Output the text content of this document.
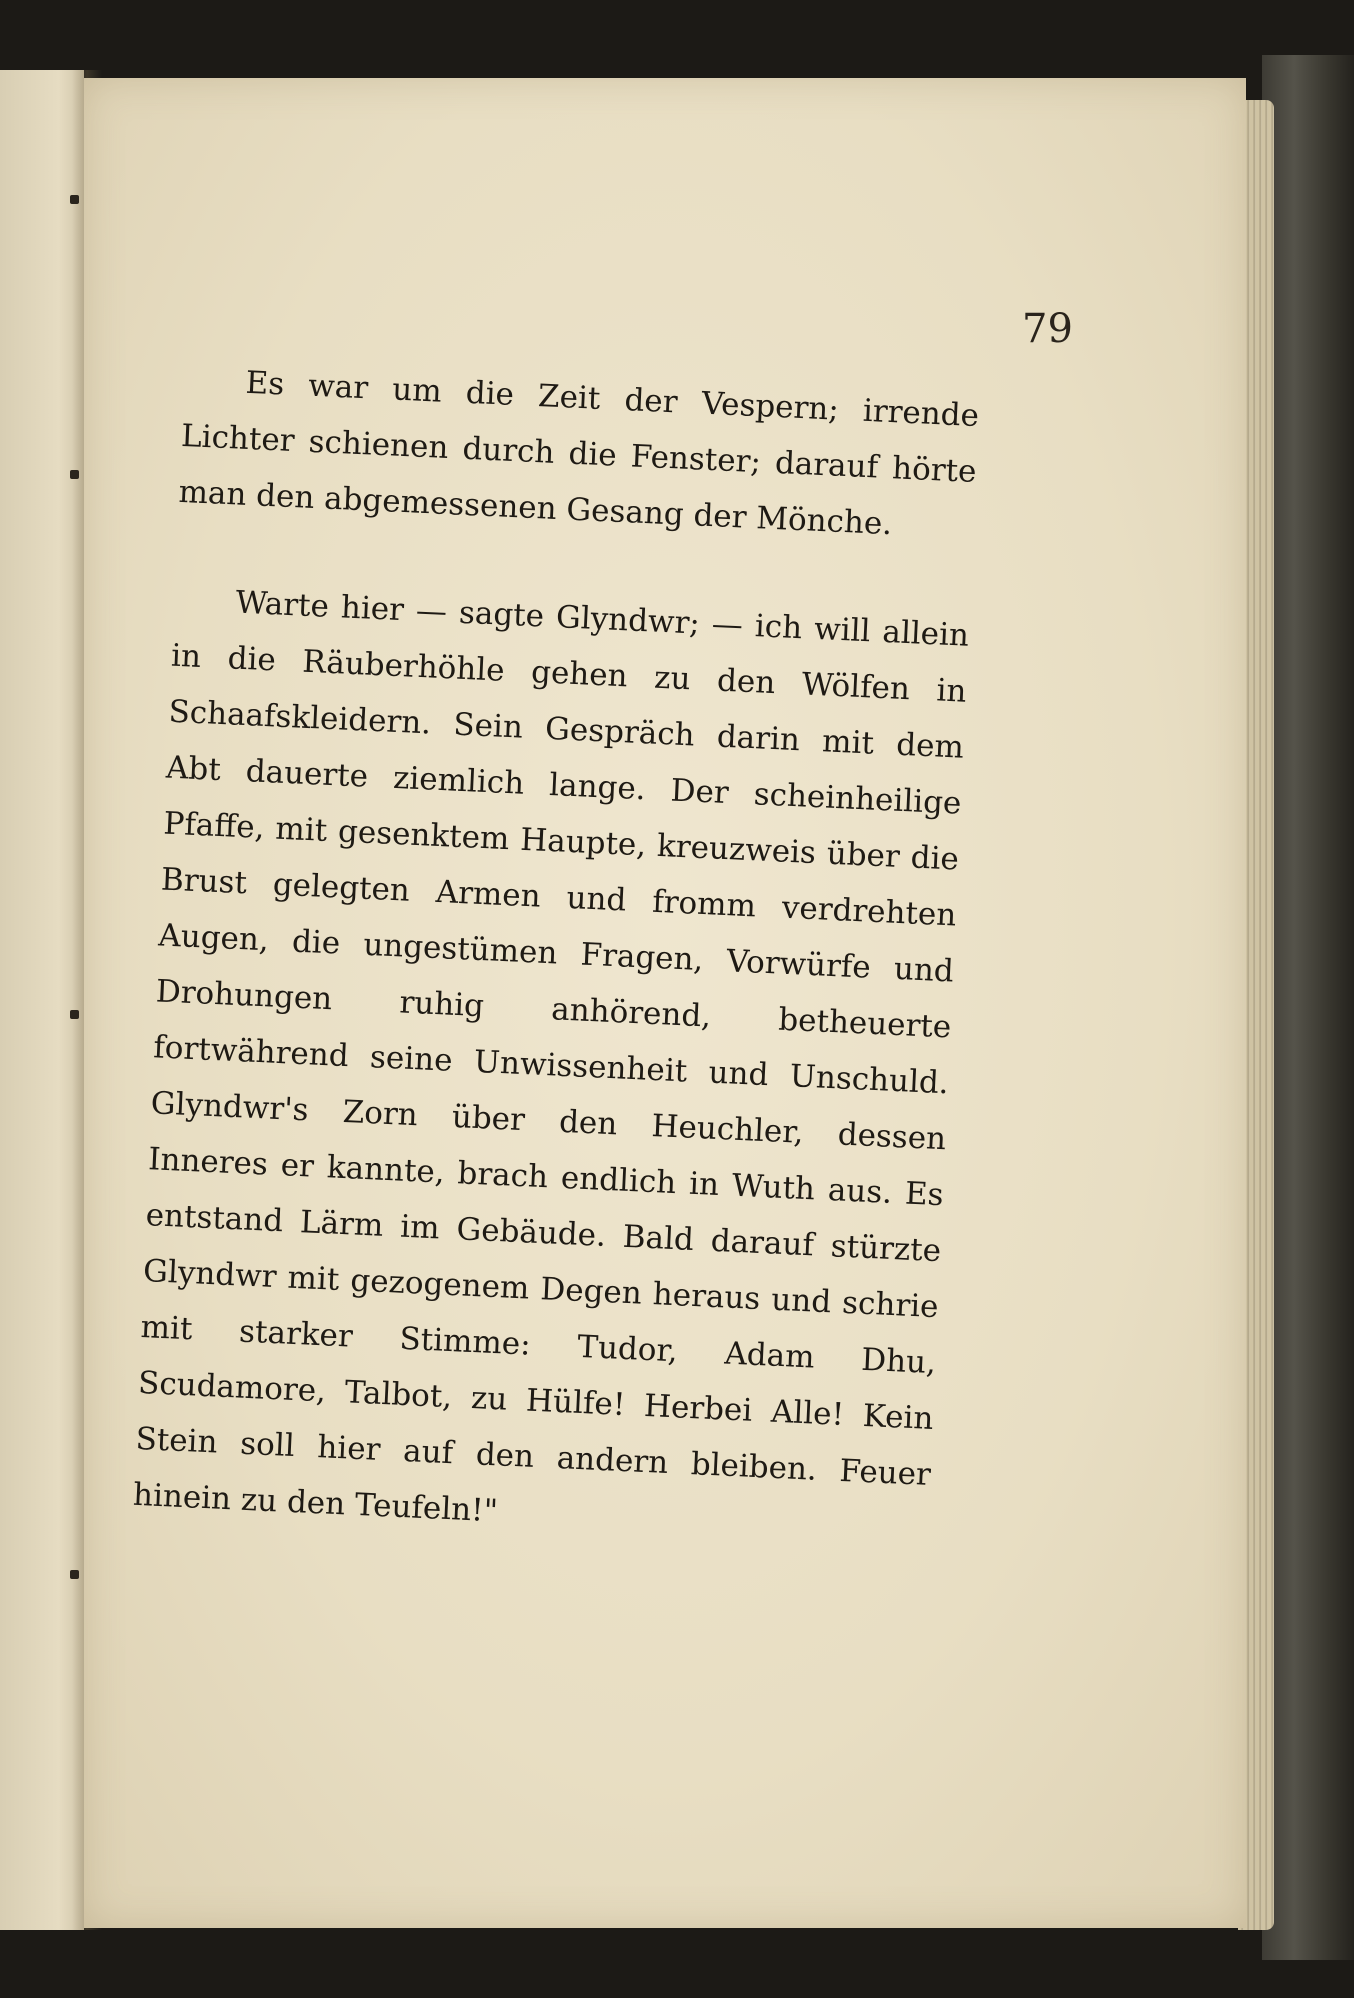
79

Es war um die Zeit der Vespern; irrende Lichter schienen durch die Fenster; darauf hörte man den abgemessenen Gesang der Mönche.

Warte hier — sagte Glyndwr; — ich will allein in die Räuberhöhle gehen zu den Wölfen in Schaafskleidern. Sein Gespräch darin mit dem Abt dauerte ziemlich lange. Der scheinheilige Pfaffe, mit gesenktem Haupte, kreuzweis über die Brust gelegten Armen und fromm verdrehten Augen, die ungestümen Fragen, Vorwürfe und Drohungen ruhig anhörend, betheuerte fortwährend seine Unwissenheit und Unschuld. Glyndwr's Zorn über den Heuchler, dessen Inneres er kannte, brach endlich in Wuth aus. Es entstand Lärm im Gebäude. Bald darauf stürzte Glyndwr mit gezogenem Degen heraus und schrie mit starker Stimme: Tudor, Adam Dhu, Scudamore, Talbot, zu Hülfe! Herbei Alle! Kein Stein soll hier auf den andern bleiben. Feuer hinein zu den Teufeln!"
